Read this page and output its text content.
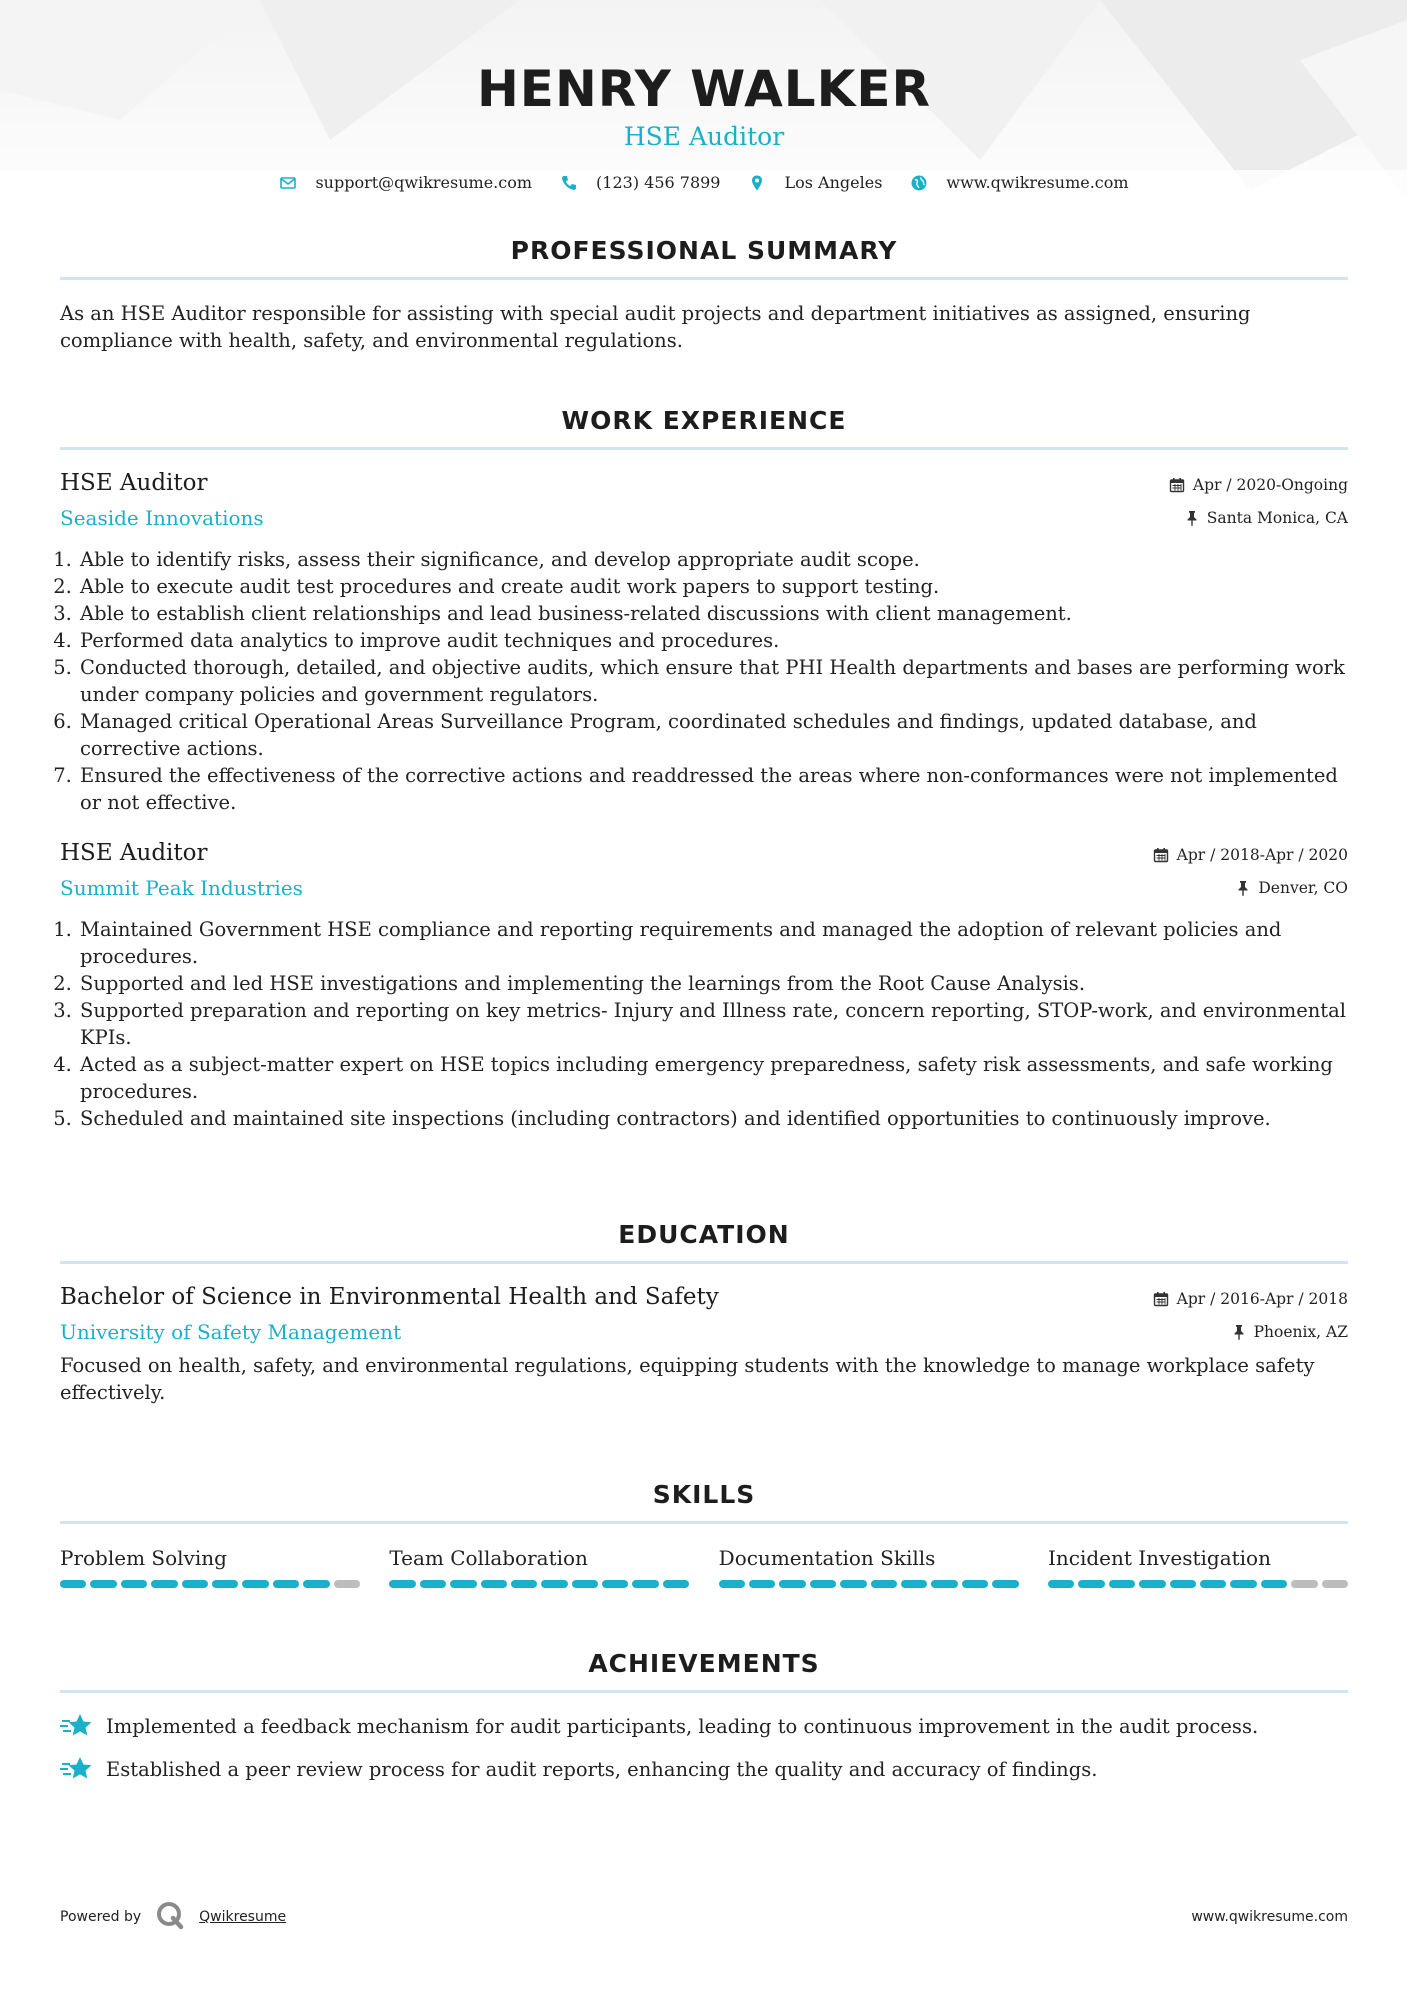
HENRY WALKER
HSE Auditor
support@qwikresume.com	(123) 456 7899	Los Angeles	www.qwikresume.com
PROFESSIONAL SUMMARY
As an HSE Auditor responsible for assisting with special audit projects and department initiatives as assigned, ensuring compliance with health, safety, and environmental regulations.
WORK EXPERIENCE
HSE Auditor
Seaside Innovations
Apr / 2020-Ongoing
Santa Monica, CA
1. Able to identify risks, assess their significance, and develop appropriate audit scope.
2. Able to execute audit test procedures and create audit work papers to support testing.
3. Able to establish client relationships and lead business-related discussions with client management.
4. Performed data analytics to improve audit techniques and procedures.
5. Conducted thorough, detailed, and objective audits, which ensure that PHI Health departments and bases are performing work under company policies and government regulators.
6. Managed critical Operational Areas Surveillance Program, coordinated schedules and findings, updated database, and corrective actions.
7. Ensured the effectiveness of the corrective actions and readdressed the areas where non-conformances were not implemented or not effective.
HSE Auditor
Summit Peak Industries
Apr / 2018-Apr / 2020
Denver, CO
1. Maintained Government HSE compliance and reporting requirements and managed the adoption of relevant policies and procedures.
2. Supported and led HSE investigations and implementing the learnings from the Root Cause Analysis.
3. Supported preparation and reporting on key metrics- Injury and Illness rate, concern reporting, STOP-work, and environmental KPIs.
4. Acted as a subject-matter expert on HSE topics including emergency preparedness, safety risk assessments, and safe working procedures.
5. Scheduled and maintained site inspections (including contractors) and identified opportunities to continuously improve.
EDUCATION
Bachelor of Science in Environmental Health and Safety
University of Safety Management
Apr / 2016-Apr / 2018
Phoenix, AZ
Focused on health, safety, and environmental regulations, equipping students with the knowledge to manage workplace safety effectively.
SKILLS
Problem Solving	Team Collaboration	Documentation Skills	Incident Investigation
ACHIEVEMENTS
Implemented a feedback mechanism for audit participants, leading to continuous improvement in the audit process.
Established a peer review process for audit reports, enhancing the quality and accuracy of findings.
Powered by	Qwikresume	www.qwikresume.com
